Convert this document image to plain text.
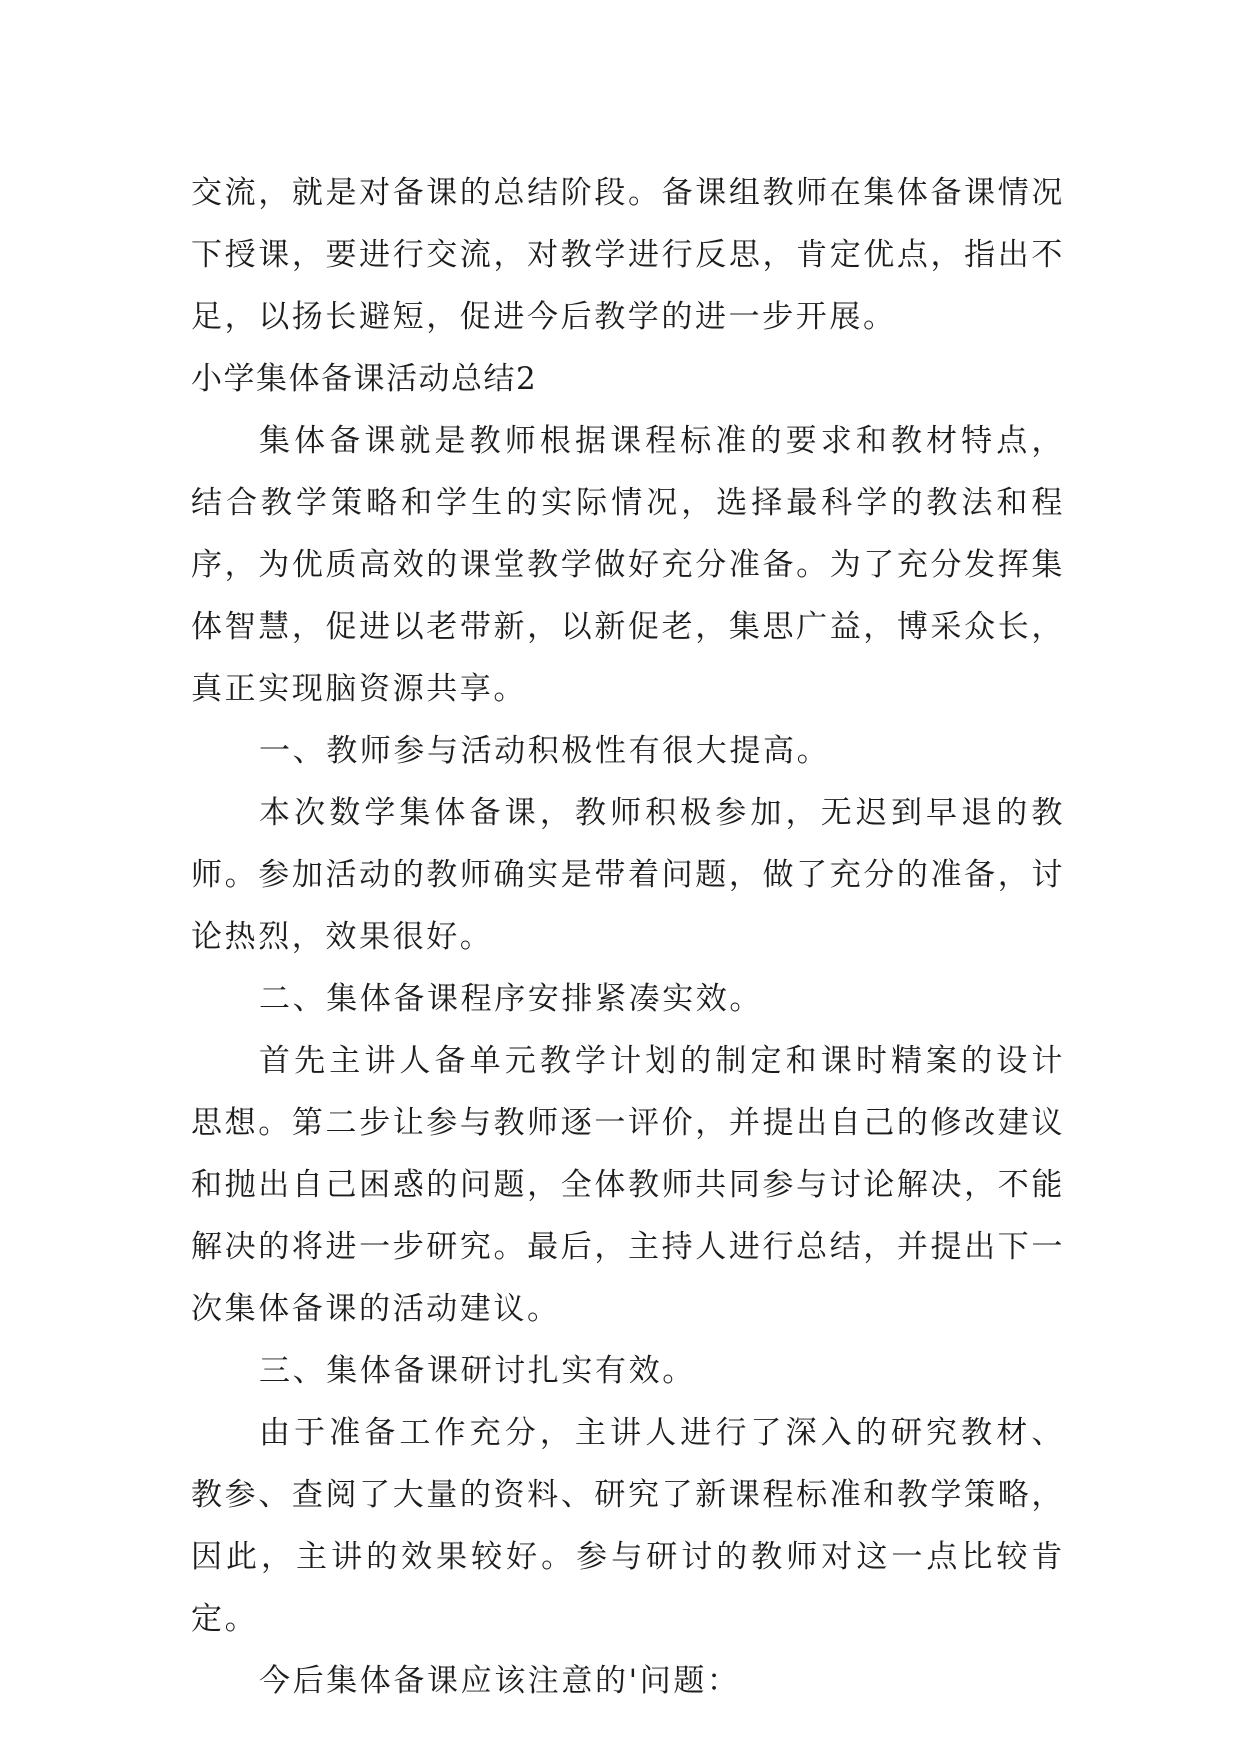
交流，就是对备课的总结阶段。备课组教师在集体备课情况下授课，要进行交流，对教学进行反思，肯定优点，指出不足，以扬长避短，促进今后教学的进一步开展。

小学集体备课活动总结2

集体备课就是教师根据课程标准的要求和教材特点，结合教学策略和学生的实际情况，选择最科学的教法和程序，为优质高效的课堂教学做好充分准备。为了充分发挥集体智慧，促进以老带新，以新促老，集思广益，博采众长，真正实现脑资源共享。

一、教师参与活动积极性有很大提高。

本次数学集体备课，教师积极参加，无迟到早退的教师。参加活动的教师确实是带着问题，做了充分的准备，讨论热烈，效果很好。

二、集体备课程序安排紧凑实效。

首先主讲人备单元教学计划的制定和课时精案的设计思想。第二步让参与教师逐一评价，并提出自己的修改建议和抛出自己困惑的问题，全体教师共同参与讨论解决，不能解决的将进一步研究。最后，主持人进行总结，并提出下一次集体备课的活动建议。

三、集体备课研讨扎实有效。

由于准备工作充分，主讲人进行了深入的研究教材、教参、查阅了大量的资料、研究了新课程标准和教学策略，因此，主讲的效果较好。参与研讨的教师对这一点比较肯定。

今后集体备课应该注意的'问题：
